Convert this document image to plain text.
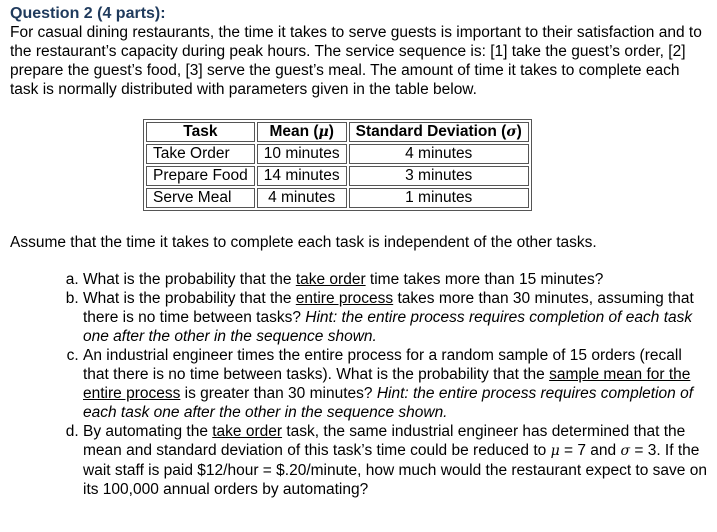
Question 2 (4 parts):

For casual dining restaurants, the time it takes to serve guests is important to their satisfaction and to the restaurant’s capacity during peak hours. The service sequence is: [1] take the guest’s order, [2] prepare the guest’s food, [3] serve the guest’s meal. The amount of time it takes to complete each task is normally distributed with parameters given in the table below.

Task	Mean (μ)	Standard Deviation (σ)
Take Order	10 minutes	4 minutes
Prepare Food	14 minutes	3 minutes
Serve Meal	4 minutes	1 minutes

Assume that the time it takes to complete each task is independent of the other tasks.

a. What is the probability that the take order time takes more than 15 minutes?
b. What is the probability that the entire process takes more than 30 minutes, assuming that there is no time between tasks? Hint: the entire process requires completion of each task one after the other in the sequence shown.
c. An industrial engineer times the entire process for a random sample of 15 orders (recall that there is no time between tasks). What is the probability that the sample mean for the entire process is greater than 30 minutes? Hint: the entire process requires completion of each task one after the other in the sequence shown.
d. By automating the take order task, the same industrial engineer has determined that the mean and standard deviation of this task’s time could be reduced to μ = 7 and σ = 3. If the wait staff is paid $12/hour = $.20/minute, how much would the restaurant expect to save on its 100,000 annual orders by automating?
